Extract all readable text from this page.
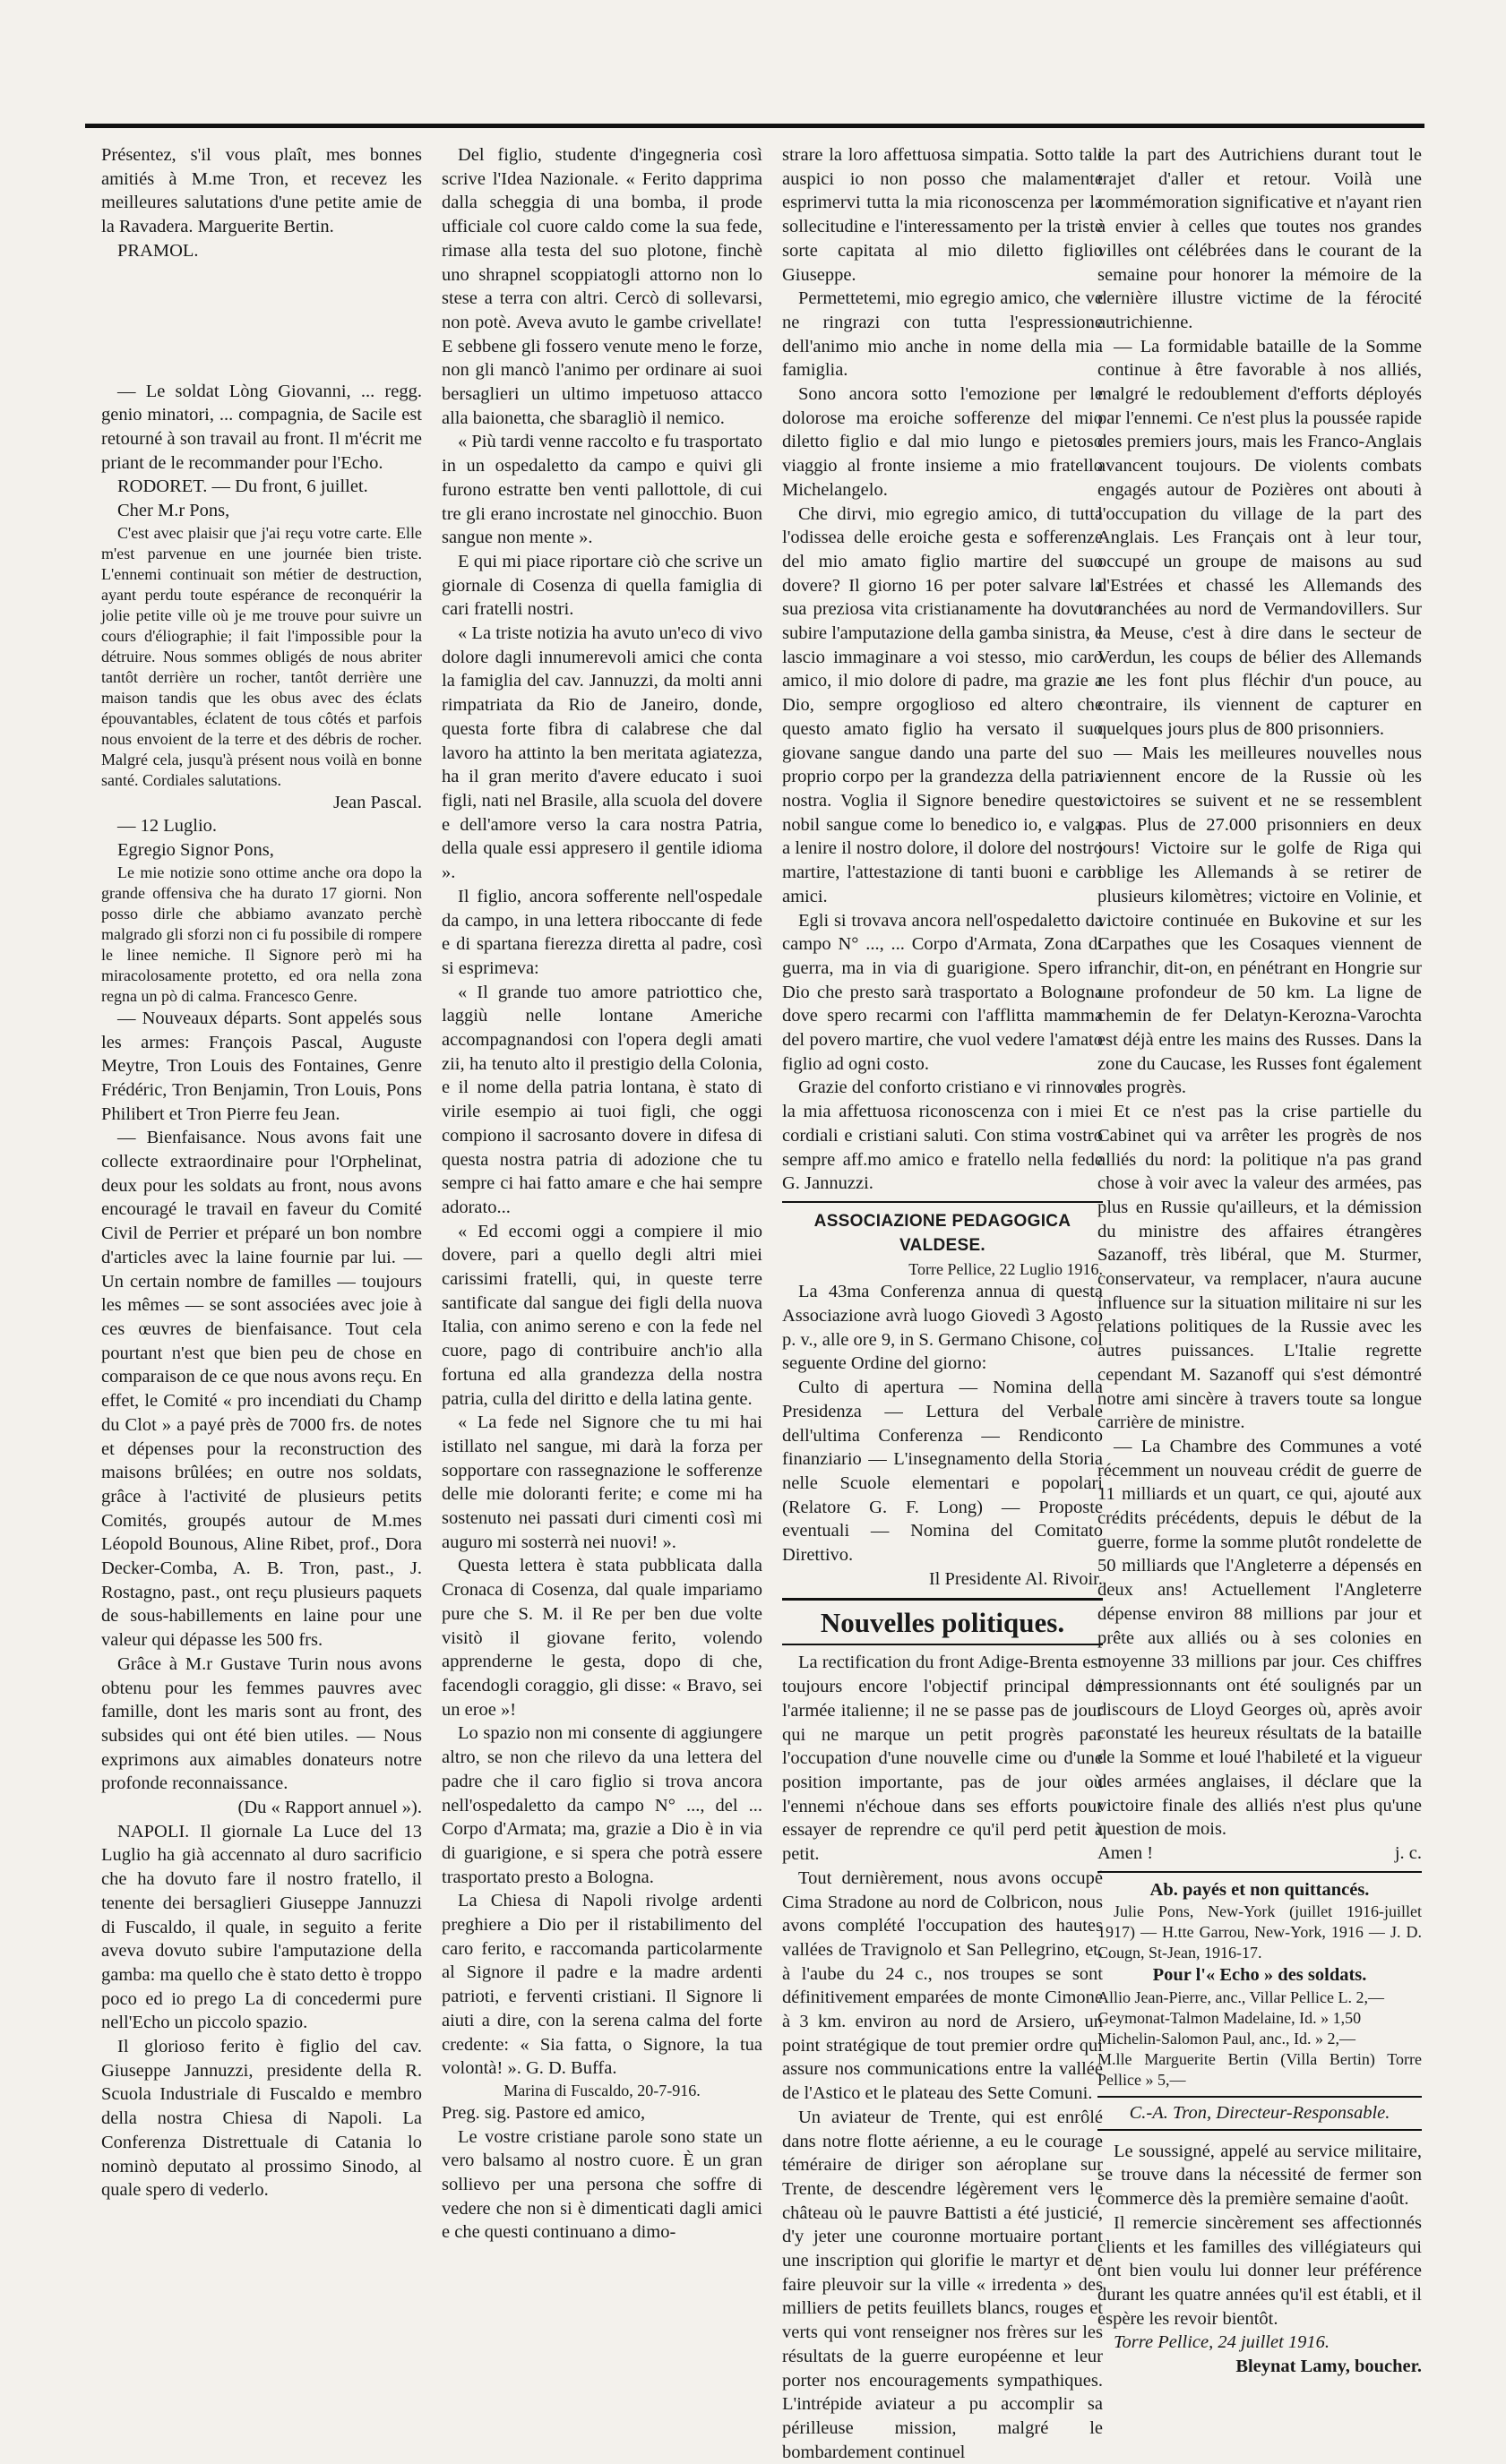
Présentez, s'il vous plaît, mes bonnes amitiés à M.me Tron, et recevez les meilleures salutations d'une petite amie de la Ravadera. Marguerite Bertin.

PRAMOL.

— Le soldat Lòng Giovanni, ... regg. genio minatori, ... compagnia, de Sacile est retourné à son travail au front. Il m'écrit me priant de le recommander pour l'Echo.

RODORET. — Du front, 6 juillet.

Cher M.r Pons,

C'est avec plaisir que j'ai reçu votre carte. Elle m'est parvenue en une journée bien triste. L'ennemi continuait son métier de destruction, ayant perdu toute espérance de reconquérir la jolie petite ville où je me trouve pour suivre un cours d'éliographie; il fait l'impossible pour la détruire. Nous sommes obligés de nous abriter tantôt derrière un rocher, tantôt derrière une maison tandis que les obus avec des éclats épouvantables, éclatent de tous côtés et parfois nous envoient de la terre et des débris de rocher. Malgré cela, jusqu'à présent nous voilà en bonne santé. Cordiales salutations.

Jean Pascal.

— 12 Luglio.

Egregio Signor Pons,

Le mie notizie sono ottime anche ora dopo la grande offensiva che ha durato 17 giorni. Non posso dirle che abbiamo avanzato perchè malgrado gli sforzi non ci fu possibile di rompere le linee nemiche. Il Signore però mi ha miracolosamente protetto, ed ora nella zona regna un pò di calma. Francesco Genre.

— Nouveaux départs. Sont appelés sous les armes: François Pascal, Auguste Meytre, Tron Louis des Fontaines, Genre Frédéric, Tron Benjamin, Tron Louis, Pons Philibert et Tron Pierre feu Jean.

— Bienfaisance. Nous avons fait une collecte extraordinaire pour l'Orphelinat, deux pour les soldats au front, nous avons encouragé le travail en faveur du Comité Civil de Perrier et préparé un bon nombre d'articles avec la laine fournie par lui. — Un certain nombre de familles — toujours les mêmes — se sont associées avec joie à ces œuvres de bienfaisance. Tout cela pourtant n'est que bien peu de chose en comparaison de ce que nous avons reçu. En effet, le Comité « pro incendiati du Champ du Clot » a payé près de 7000 frs. de notes et dépenses pour la reconstruction des maisons brûlées; en outre nos soldats, grâce à l'activité de plusieurs petits Comités, groupés autour de M.mes Léopold Bounous, Aline Ribet, prof., Dora Decker-Comba, A. B. Tron, past., J. Rostagno, past., ont reçu plusieurs paquets de sous-habillements en laine pour une valeur qui dépasse les 500 frs.

Grâce à M.r Gustave Turin nous avons obtenu pour les femmes pauvres avec famille, dont les maris sont au front, des subsides qui ont été bien utiles. — Nous exprimons aux aimables donateurs notre profonde reconnaissance.

(Du « Rapport annuel »).

NAPOLI. Il giornale La Luce del 13 Luglio ha già accennato al duro sacrificio che ha dovuto fare il nostro fratello, il tenente dei bersaglieri Giuseppe Jannuzzi di Fuscaldo, il quale, in seguito a ferite aveva dovuto subire l'amputazione della gamba: ma quello che è stato detto è troppo poco ed io prego La di concedermi pure nell'Echo un piccolo spazio.

Il glorioso ferito è figlio del cav. Giuseppe Jannuzzi, presidente della R. Scuola Industriale di Fuscaldo e membro della nostra Chiesa di Napoli. La Conferenza Distrettuale di Catania lo nominò deputato al prossimo Sinodo, al quale spero di vederlo.

Del figlio, studente d'ingegneria così scrive l'Idea Nazionale. « Ferito dapprima dalla scheggia di una bomba, il prode ufficiale col cuore caldo come la sua fede, rimase alla testa del suo plotone, finchè uno shrapnel scoppiatogli attorno non lo stese a terra con altri. Cercò di sollevarsi, non potè. Aveva avuto le gambe crivellate! E sebbene gli fossero venute meno le forze, non gli mancò l'animo per ordinare ai suoi bersaglieri un ultimo impetuoso attacco alla baionetta, che sbaragliò il nemico.

« Più tardi venne raccolto e fu trasportato in un ospedaletto da campo e quivi gli furono estratte ben venti pallottole, di cui tre gli erano incrostate nel ginocchio. Buon sangue non mente ».

E qui mi piace riportare ciò che scrive un giornale di Cosenza di quella famiglia di cari fratelli nostri.

« La triste notizia ha avuto un'eco di vivo dolore dagli innumerevoli amici che conta la famiglia del cav. Jannuzzi, da molti anni rimpatriata da Rio de Janeiro, donde, questa forte fibra di calabrese che dal lavoro ha attinto la ben meritata agiatezza, ha il gran merito d'avere educato i suoi figli, nati nel Brasile, alla scuola del dovere e dell'amore verso la cara nostra Patria, della quale essi appresero il gentile idioma ».

Il figlio, ancora sofferente nell'ospedale da campo, in una lettera riboccante di fede e di spartana fierezza diretta al padre, così si esprimeva:

« Il grande tuo amore patriottico che, laggiù nelle lontane Americhe accompagnandosi con l'opera degli amati zii, ha tenuto alto il prestigio della Colonia, e il nome della patria lontana, è stato di virile esempio ai tuoi figli, che oggi compiono il sacrosanto dovere in difesa di questa nostra patria di adozione che tu sempre ci hai fatto amare e che hai sempre adorato...

« Ed eccomi oggi a compiere il mio dovere, pari a quello degli altri miei carissimi fratelli, qui, in queste terre santificate dal sangue dei figli della nuova Italia, con animo sereno e con la fede nel cuore, pago di contribuire anch'io alla fortuna ed alla grandezza della nostra patria, culla del diritto e della latina gente.

« La fede nel Signore che tu mi hai istillato nel sangue, mi darà la forza per sopportare con rassegnazione le sofferenze delle mie doloranti ferite; e come mi ha sostenuto nei passati duri cimenti così mi auguro mi sosterrà nei nuovi! ».

Questa lettera è stata pubblicata dalla Cronaca di Cosenza, dal quale impariamo pure che S. M. il Re per ben due volte visitò il giovane ferito, volendo apprenderne le gesta, dopo di che, facendogli coraggio, gli disse: « Bravo, sei un eroe »!

Lo spazio non mi consente di aggiungere altro, se non che rilevo da una lettera del padre che il caro figlio si trova ancora nell'ospedaletto da campo N° ..., del ... Corpo d'Armata; ma, grazie a Dio è in via di guarigione, e si spera che potrà essere trasportato presto a Bologna.

La Chiesa di Napoli rivolge ardenti preghiere a Dio per il ristabilimento del caro ferito, e raccomanda particolarmente al Signore il padre e la madre ardenti patrioti, e ferventi cristiani. Il Signore li aiuti a dire, con la serena calma del forte credente: « Sia fatta, o Signore, la tua volontà! ». G. D. Buffa.

Marina di Fuscaldo, 20-7-916.

Preg. sig. Pastore ed amico,

Le vostre cristiane parole sono state un vero balsamo al nostro cuore. È un gran sollievo per una persona che soffre di vedere che non si è dimenticati dagli amici e che questi continuano a dimo-

strare la loro affettuosa simpatia. Sotto tali auspici io non posso che malamente esprimervi tutta la mia riconoscenza per la sollecitudine e l'interessamento per la triste sorte capitata al mio diletto figlio Giuseppe.

Permettetemi, mio egregio amico, che ve ne ringrazi con tutta l'espressione dell'animo mio anche in nome della mia famiglia.

Sono ancora sotto l'emozione per le dolorose ma eroiche sofferenze del mio diletto figlio e dal mio lungo e pietoso viaggio al fronte insieme a mio fratello Michelangelo.

Che dirvi, mio egregio amico, di tutta l'odissea delle eroiche gesta e sofferenze del mio amato figlio martire del suo dovere? Il giorno 16 per poter salvare la sua preziosa vita cristianamente ha dovuto subire l'amputazione della gamba sinistra, e lascio immaginare a voi stesso, mio caro amico, il mio dolore di padre, ma grazie a Dio, sempre orgoglioso ed altero che questo amato figlio ha versato il suo giovane sangue dando una parte del suo proprio corpo per la grandezza della patria nostra. Voglia il Signore benedire questo nobil sangue come lo benedico io, e valga a lenire il nostro dolore, il dolore del nostro martire, l'attestazione di tanti buoni e cari amici.

Egli si trovava ancora nell'ospedaletto da campo N° ..., ... Corpo d'Armata, Zona di guerra, ma in via di guarigione. Spero in Dio che presto sarà trasportato a Bologna dove spero recarmi con l'afflitta mamma del povero martire, che vuol vedere l'amato figlio ad ogni costo.

Grazie del conforto cristiano e vi rinnovo la mia affettuosa riconoscenza con i miei cordiali e cristiani saluti. Con stima vostro sempre aff.mo amico e fratello nella fede G. Jannuzzi.

ASSOCIAZIONE PEDAGOGICA VALDESE.

Torre Pellice, 22 Luglio 1916.

La 43ma Conferenza annua di questa Associazione avrà luogo Giovedì 3 Agosto p. v., alle ore 9, in S. Germano Chisone, col seguente Ordine del giorno:

Culto di apertura — Nomina della Presidenza — Lettura del Verbale dell'ultima Conferenza — Rendiconto finanziario — L'insegnamento della Storia nelle Scuole elementari e popolari (Relatore G. F. Long) — Proposte eventuali — Nomina del Comitato Direttivo.

Il Presidente Al. Rivoir.

Nouvelles politiques.

La rectification du front Adige-Brenta est toujours encore l'objectif principal de l'armée italienne; il ne se passe pas de jour qui ne marque un petit progrès par l'occupation d'une nouvelle cime ou d'une position importante, pas de jour où l'ennemi n'échoue dans ses efforts pour essayer de reprendre ce qu'il perd petit à petit.

Tout dernièrement, nous avons occupé Cima Stradone au nord de Colbricon, nous avons complété l'occupation des hautes vallées de Travignolo et San Pellegrino, et, à l'aube du 24 c., nos troupes se sont définitivement emparées de monte Cimone à 3 km. environ au nord de Arsiero, un point stratégique de tout premier ordre qui assure nos communications entre la vallée de l'Astico et le plateau des Sette Comuni.

Un aviateur de Trente, qui est enrôlé dans notre flotte aérienne, a eu le courage téméraire de diriger son aéroplane sur Trente, de descendre légèrement vers le château où le pauvre Battisti a été justicié, d'y jeter une couronne mortuaire portant une inscription qui glorifie le martyr et de faire pleuvoir sur la ville « irredenta » des milliers de petits feuillets blancs, rouges et verts qui vont renseigner nos frères sur les résultats de la guerre européenne et leur porter nos encouragements sympathiques. L'intrépide aviateur a pu accomplir sa périlleuse mission, malgré le bombardement continuel

de la part des Autrichiens durant tout le trajet d'aller et retour. Voilà une commémoration significative et n'ayant rien à envier à celles que toutes nos grandes villes ont célébrées dans le courant de la semaine pour honorer la mémoire de la dernière illustre victime de la férocité autrichienne.

— La formidable bataille de la Somme continue à être favorable à nos alliés, malgré le redoublement d'efforts déployés par l'ennemi. Ce n'est plus la poussée rapide des premiers jours, mais les Franco-Anglais avancent toujours. De violents combats engagés autour de Pozières ont abouti à l'occupation du village de la part des Anglais. Les Français ont à leur tour, occupé un groupe de maisons au sud d'Estrées et chassé les Allemands des tranchées au nord de Vermandovillers. Sur la Meuse, c'est à dire dans le secteur de Verdun, les coups de bélier des Allemands ne les font plus fléchir d'un pouce, au contraire, ils viennent de capturer en quelques jours plus de 800 prisonniers.

— Mais les meilleures nouvelles nous viennent encore de la Russie où les victoires se suivent et ne se ressemblent pas. Plus de 27.000 prisonniers en deux jours! Victoire sur le golfe de Riga qui oblige les Allemands à se retirer de plusieurs kilomètres; victoire en Volinie, et victoire continuée en Bukovine et sur les Carpathes que les Cosaques viennent de franchir, dit-on, en pénétrant en Hongrie sur une profondeur de 50 km. La ligne de chemin de fer Delatyn-Kerozna-Varochta est déjà entre les mains des Russes. Dans la zone du Caucase, les Russes font également des progrès.

Et ce n'est pas la crise partielle du Cabinet qui va arrêter les progrès de nos alliés du nord: la politique n'a pas grand chose à voir avec la valeur des armées, pas plus en Russie qu'ailleurs, et la démission du ministre des affaires étrangères Sazanoff, très libéral, que M. Sturmer, conservateur, va remplacer, n'aura aucune influence sur la situation militaire ni sur les relations politiques de la Russie avec les autres puissances. L'Italie regrette cependant M. Sazanoff qui s'est démontré notre ami sincère à travers toute sa longue carrière de ministre.

— La Chambre des Communes a voté récemment un nouveau crédit de guerre de 11 milliards et un quart, ce qui, ajouté aux crédits précédents, depuis le début de la guerre, forme la somme plutôt rondelette de 50 milliards que l'Angleterre a dépensés en deux ans! Actuellement l'Angleterre dépense environ 88 millions par jour et prête aux alliés ou à ses colonies en moyenne 33 millions par jour. Ces chiffres impressionnants ont été soulignés par un discours de Lloyd Georges où, après avoir constaté les heureux résultats de la bataille de la Somme et loué l'habileté et la vigueur des armées anglaises, il déclare que la victoire finale des alliés n'est plus qu'une question de mois.

Amen !	j. c.

Ab. payés et non quittancés.

Julie Pons, New-York (juillet 1916-juillet 1917) — H.tte Garrou, New-York, 1916 — J. D. Cougn, St-Jean, 1916-17.

Pour l'« Echo » des soldats.

Allio Jean-Pierre, anc., Villar Pellice L. 2,—

Geymonat-Talmon Madelaine, Id. » 1,50

Michelin-Salomon Paul, anc., Id. » 2,—

M.lle Marguerite Bertin (Villa Bertin) Torre Pellice » 5,—

C.-A. Tron, Directeur-Responsable.

Le soussigné, appelé au service militaire, se trouve dans la nécessité de fermer son commerce dès la première semaine d'août.

Il remercie sincèrement ses affectionnés clients et les familles des villégiateurs qui ont bien voulu lui donner leur préférence durant les quatre années qu'il est établi, et il espère les revoir bientôt.

Torre Pellice, 24 juillet 1916.

Bleynat Lamy, boucher.
